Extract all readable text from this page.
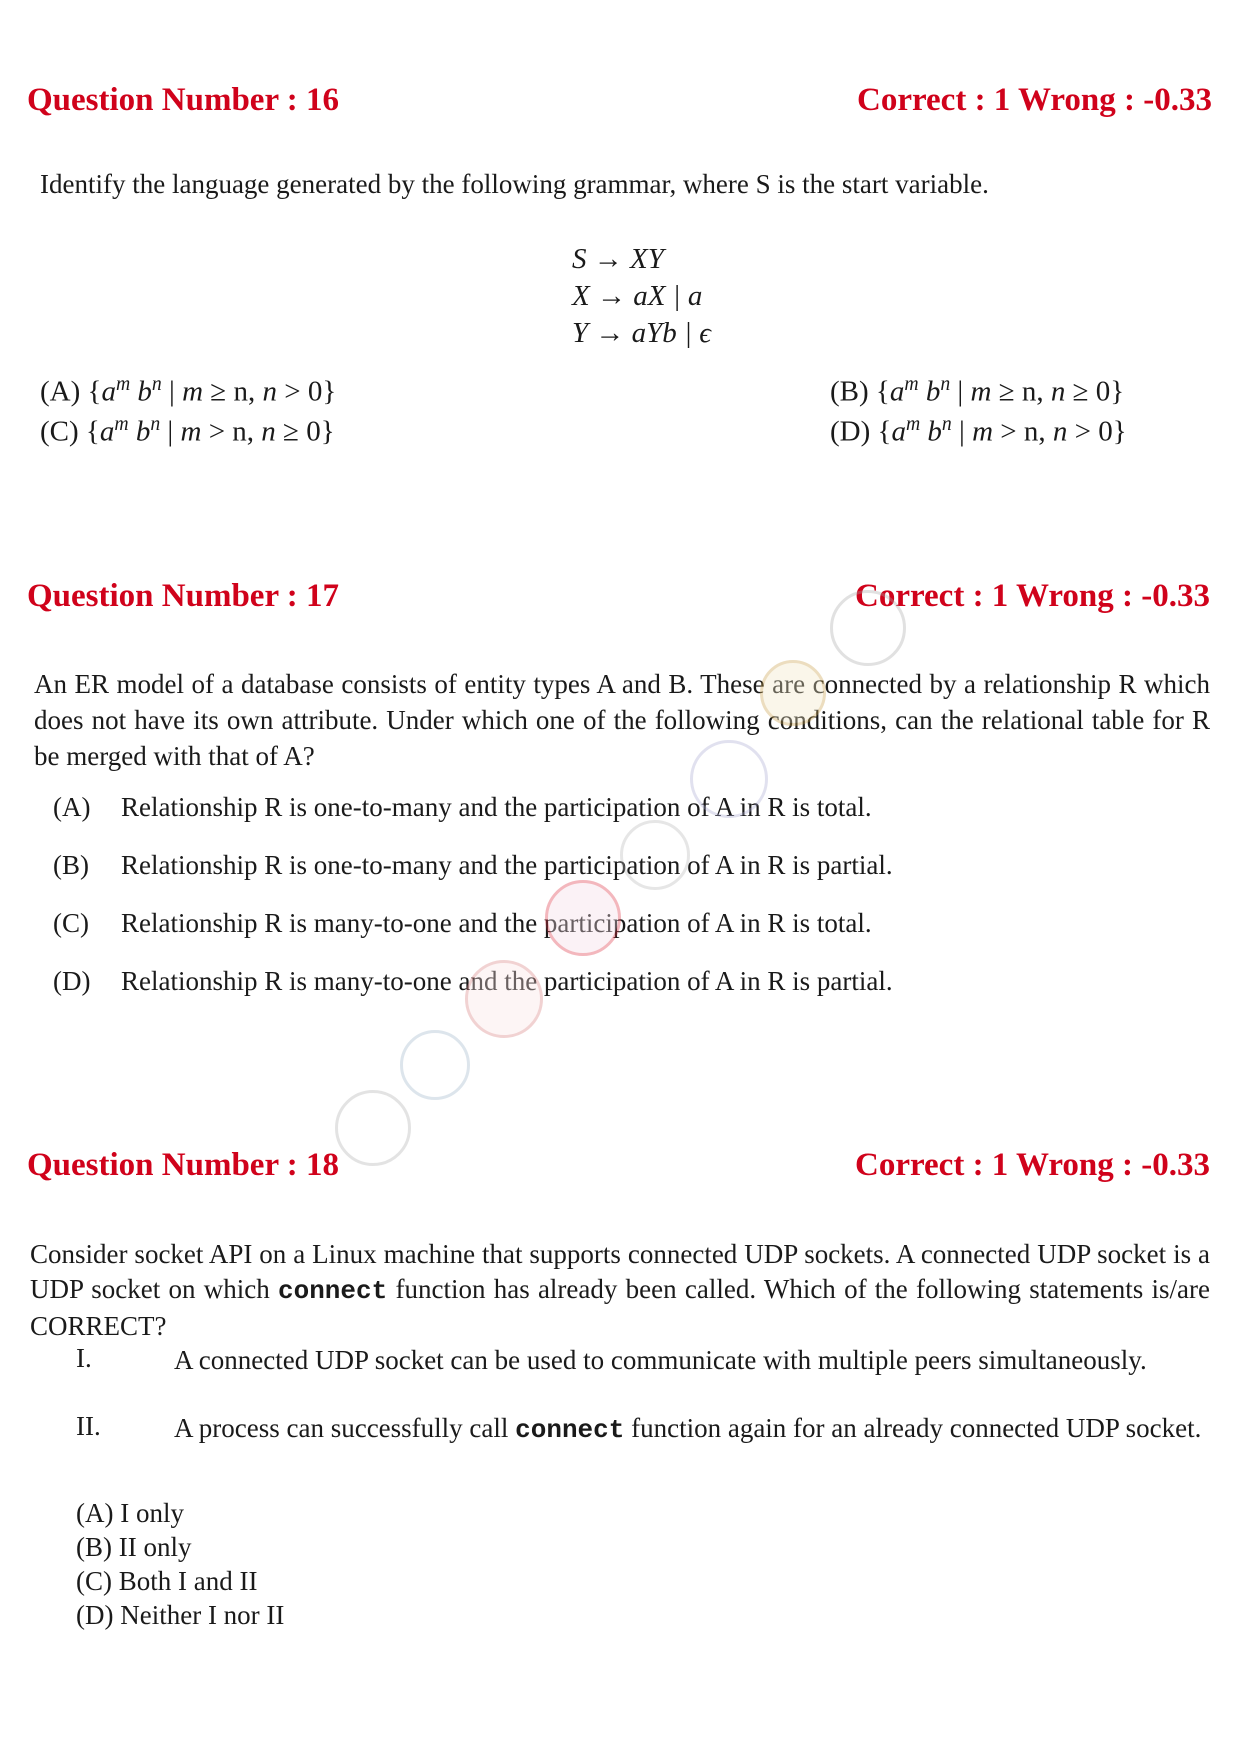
Question Number : 16	Correct : 1 Wrong : -0.33
Identify the language generated by the following grammar, where S is the start variable.
S → XY
X → aX | a
Y → aYb | ϵ
(A) {$a^m$ $b^n$ | m ≥ n, n > 0}	(B) {$a^m$ $b^n$ | m ≥ n, n ≥ 0}
(C) {$a^m$ $b^n$ | m > n, n ≥ 0}	(D) {$a^m$ $b^n$ | m > n, n > 0}
Question Number : 17	Correct : 1 Wrong : -0.33
An ER model of a database consists of entity types A and B. These are connected by a relationship R which does not have its own attribute. Under which one of the following conditions, can the relational table for R be merged with that of A?
(A) Relationship R is one-to-many and the participation of A in R is total.
(B) Relationship R is one-to-many and the participation of A in R is partial.
(C) Relationship R is many-to-one and the participation of A in R is total.
(D) Relationship R is many-to-one and the participation of A in R is partial.
Question Number : 18	Correct : 1 Wrong : -0.33
Consider socket API on a Linux machine that supports connected UDP sockets. A connected UDP socket is a UDP socket on which connect function has already been called. Which of the following statements is/are CORRECT?
I.	A connected UDP socket can be used to communicate with multiple peers simultaneously.
II.	A process can successfully call connect function again for an already connected UDP socket.
(A) I only
(B) II only
(C) Both I and II
(D) Neither I nor II
